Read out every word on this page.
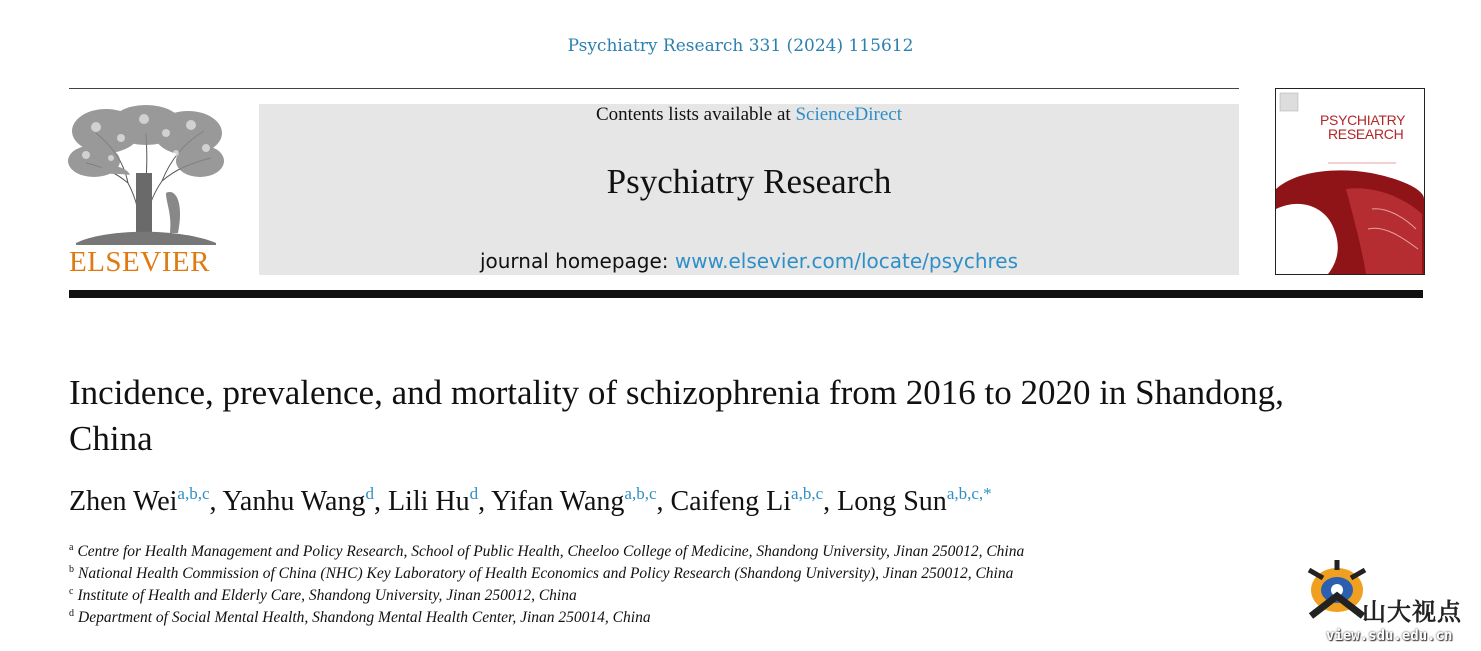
Psychiatry Research 331 (2024) 115612
ELSEVIER
Contents lists available at ScienceDirect
Psychiatry Research
journal homepage: www.elsevier.com/locate/psychres
PSYCHIATRY
RESEARCH
Incidence, prevalence, and mortality of schizophrenia from 2016 to 2020 in Shandong, China
Zhen Wei$^{a,b,c}$, Yanhu Wang$^d$, Lili Hu$^d$, Yifan Wang$^{a,b,c}$, Caifeng Li$^{a,b,c}$, Long Sun$^{a,b,c,*}$
$^a$ Centre for Health Management and Policy Research, School of Public Health, Cheeloo College of Medicine, Shandong University, Jinan 250012, China
$^b$ National Health Commission of China (NHC) Key Laboratory of Health Economics and Policy Research (Shandong University), Jinan 250012, China
$^c$ Institute of Health and Elderly Care, Shandong University, Jinan 250012, China
$^d$ Department of Social Mental Health, Shandong Mental Health Center, Jinan 250014, China	山大视点
view.sdu.edu.cn
